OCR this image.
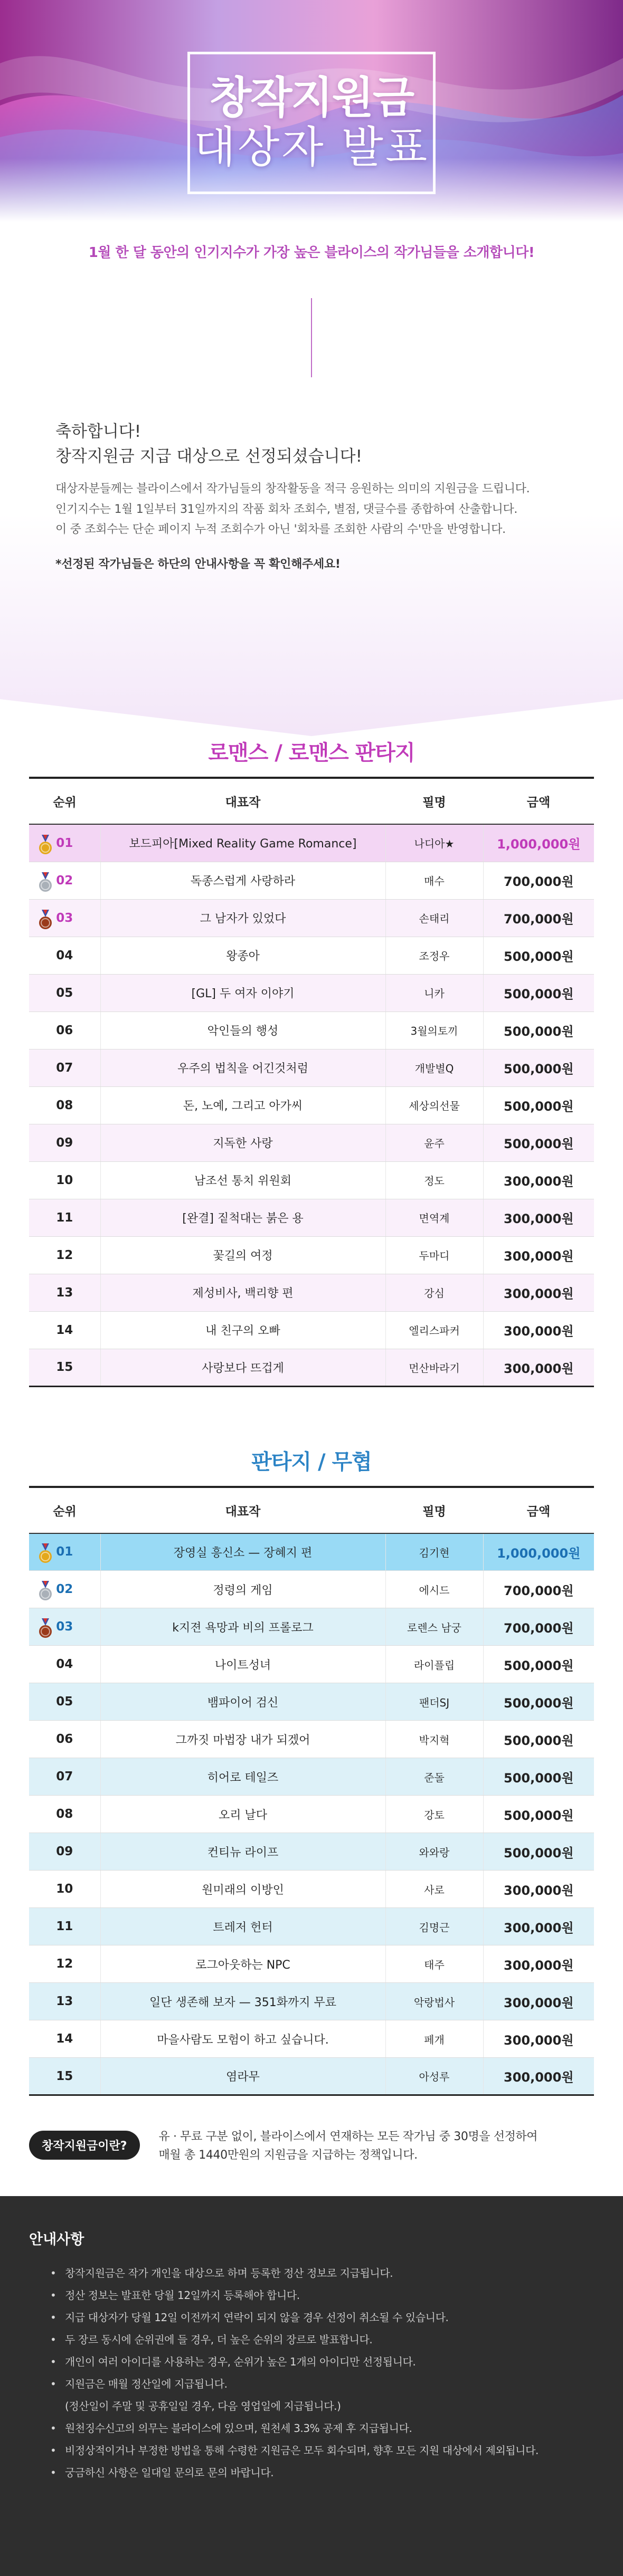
창작지원금
대상자 발표
1월 한 달 동안의 인기지수가 가장 높은 블라이스의 작가님들을 소개합니다!
축하합니다!
창작지원금 지급 대상으로 선정되셨습니다!
대상자분들께는 블라이스에서 작가님들의 창작활동을 적극 응원하는 의미의 지원금을 드립니다.
인기지수는 1월 1일부터 31일까지의 작품 회차 조회수, 별점, 댓글수를 종합하여 산출합니다.
이 중 조회수는 단순 페이지 누적 조회수가 아닌 '회차를 조회한 사람의 수'만을 반영합니다.
*선정된 작가님들은 하단의 안내사항을 꼭 확인해주세요!
로맨스 / 로맨스 판타지
순위	대표작	필명	금액

01	보드피아[Mixed Reality Game Romance]	나디아★	1,000,000원

02	독종스럽게 사랑하라	매수	700,000원

03	그 남자가 있었다	손태리	700,000원
04	왕종아	조정우	500,000원
05	[GL] 두 여자 이야기	니카	500,000원
06	악인들의 행성	3월의토끼	500,000원
07	우주의 법칙을 어긴것처럼	개발별Q	500,000원
08	돈, 노예, 그리고 아가씨	세상의선물	500,000원
09	지독한 사랑	윤주	500,000원
10	남조선 통치 위원회	정도	300,000원
11	[완결] 짙척대는 붉은 용	면역계	300,000원
12	꽃길의 여정	두마디	300,000원
13	제성비사, 백리향 편	강심	300,000원
14	내 친구의 오빠	엘리스파커	300,000원
15	사랑보다 뜨겁게	먼산바라기	300,000원
판타지 / 무협
순위	대표작	필명	금액

01	장영실 흥신소 — 장혜지 편	김기현	1,000,000원

02	정령의 게임	에시드	700,000원

03	k지젼 욕망과 비의 프롤로그	로렌스 남궁	700,000원
04	나이트성녀	라이플립	500,000원
05	뱀파이어 검신	팬더SJ	500,000원
06	그까짓 마법장 내가 되겠어	박지혁	500,000원
07	히어로 테일즈	준돌	500,000원
08	오리 날다	강토	500,000원
09	컨티뉴 라이프	와와랑	500,000원
10	원미래의 이방인	사로	300,000원
11	트레저 헌터	김명근	300,000원
12	로그아웃하는 NPC	태주	300,000원
13	일단 생존해 보자 — 351화까지 무료	악랑법사	300,000원
14	마을사람도 모험이 하고 싶습니다.	페개	300,000원
15	염라무	아성루	300,000원
창작지원금이란?
유 · 무료 구분 없이, 블라이스에서 연재하는 모든 작가님 중 30명을 선정하여
매월 총 1440만원의 지원금을 지급하는 정책입니다.
안내사항
• 창작지원금은 작가 개인을 대상으로 하며 등록한 정산 정보로 지급됩니다.
• 정산 정보는 발표한 당월 12일까지 등록해야 합니다.
• 지급 대상자가 당월 12일 이전까지 연락이 되지 않을 경우 선정이 취소될 수 있습니다.
• 두 장르 동시에 순위권에 들 경우, 더 높은 순위의 장르로 발표합니다.
• 개인이 여러 아이디를 사용하는 경우, 순위가 높은 1개의 아이디만 선정됩니다.
• 지원금은 매월 정산일에 지급됩니다.
(정산일이 주말 및 공휴일일 경우, 다음 영업일에 지급됩니다.)
• 원천징수신고의 의무는 블라이스에 있으며, 원천세 3.3% 공제 후 지급됩니다.
• 비정상적이거나 부정한 방법을 통해 수령한 지원금은 모두 회수되며, 향후 모든 지원 대상에서 제외됩니다.
• 궁금하신 사항은 일대일 문의로 문의 바랍니다.
